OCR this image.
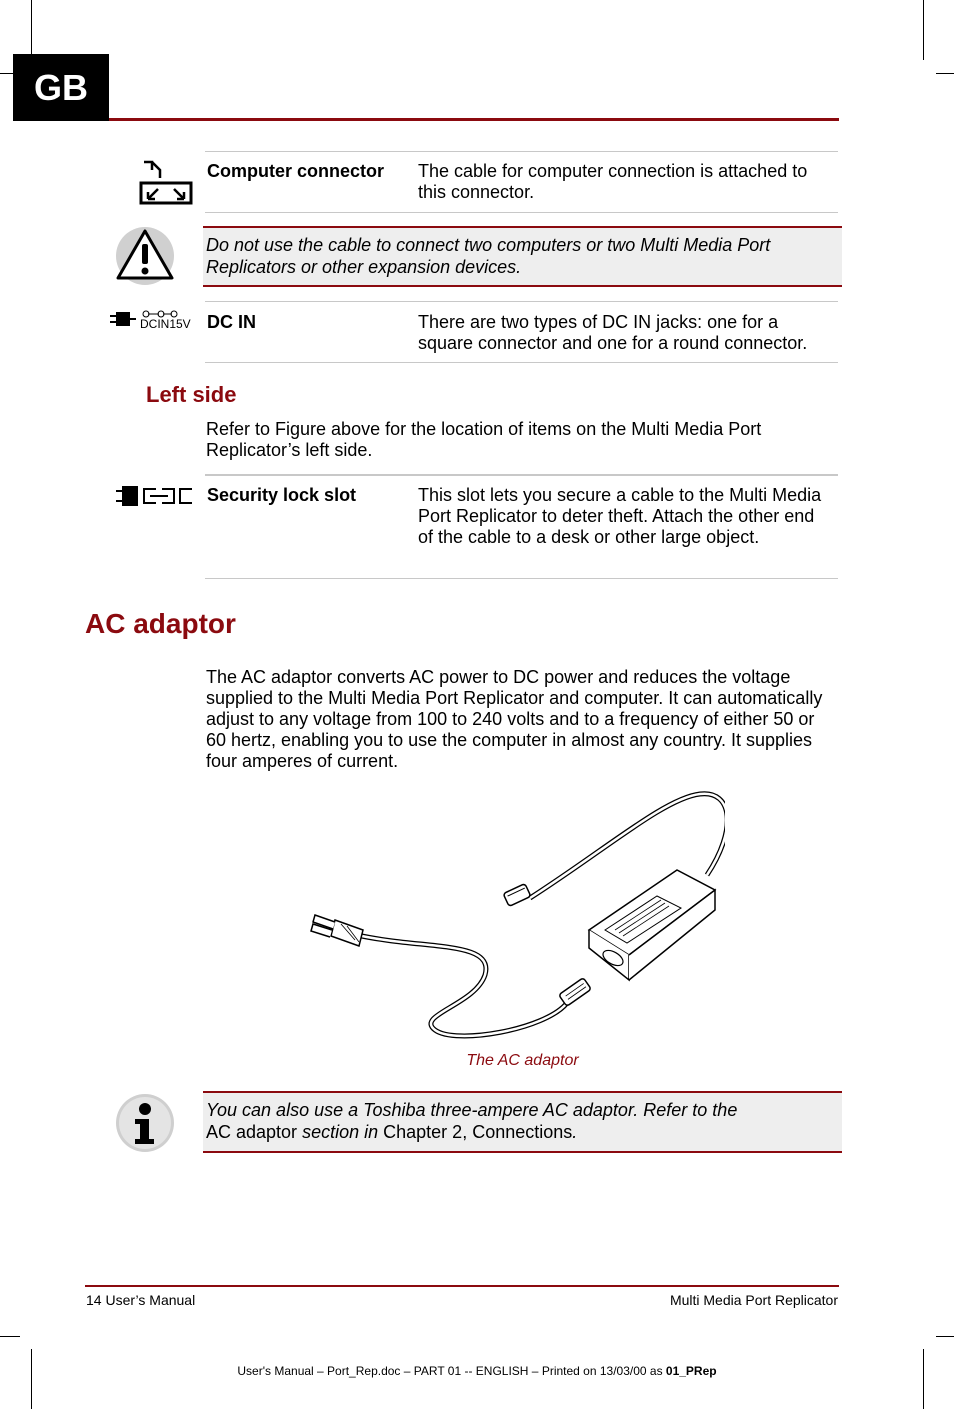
GB
Computer connector	The cable for computer connection is attached to this connector.
Do not use the cable to connect two computers or two Multi Media Port Replicators or other expansion devices.
DCIN15V DC IN	There are two types of DC IN jacks: one for a square connector and one for a round connector.
Left side
Refer to Figure above for the location of items on the Multi Media Port Replicator’s left side.
Security lock slot	This slot lets you secure a cable to the Multi Media Port Replicator to deter theft. Attach the other end of the cable to a desk or other large object.
AC adaptor
The AC adaptor converts AC power to DC power and reduces the voltage supplied to the Multi Media Port Replicator and computer. It can automatically adjust to any voltage from 100 to 240 volts and to a frequency of either 50 or 60 hertz, enabling you to use the computer in almost any country. It supplies four amperes of current.
The AC adaptor
You can also use a Toshiba three-ampere AC adaptor. Refer to the
AC adaptor section in Chapter 2, Connections.
14 User’s Manual	Multi Media Port Replicator
User's Manual – Port_Rep.doc – PART 01 -- ENGLISH – Printed on 13/03/00 as 01_PRep
